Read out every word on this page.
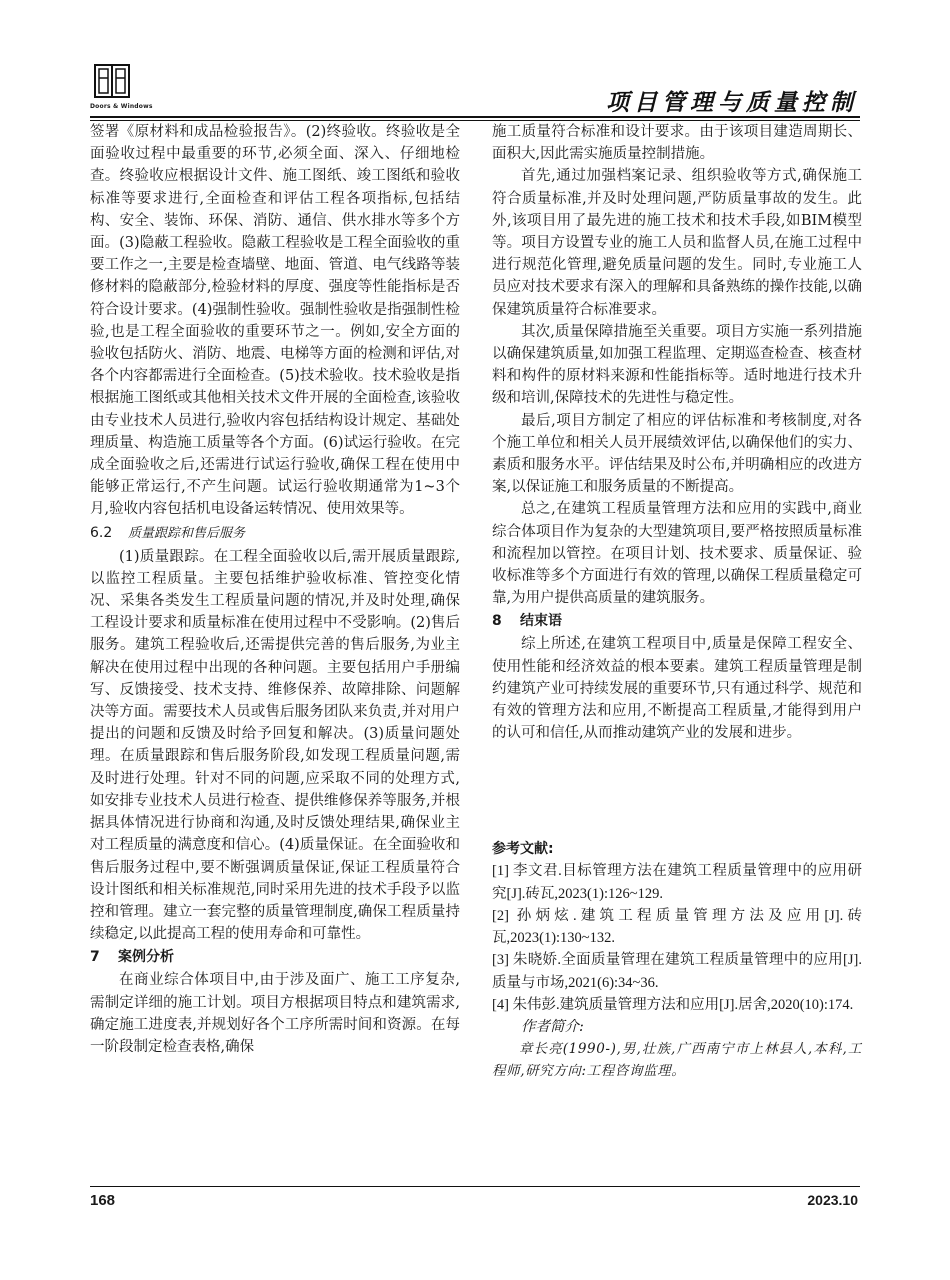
Doors & Windows	项目管理与质量控制

签署《原材料和成品检验报告》。(2)终验收。终验收是全面验收过程中最重要的环节,必须全面、深入、仔细地检查。终验收应根据设计文件、施工图纸、竣工图纸和验收标准等要求进行,全面检查和评估工程各项指标,包括结构、安全、装饰、环保、消防、通信、供水排水等多个方面。(3)隐蔽工程验收。隐蔽工程验收是工程全面验收的重要工作之一,主要是检查墙壁、地面、管道、电气线路等装修材料的隐蔽部分,检验材料的厚度、强度等性能指标是否符合设计要求。(4)强制性验收。强制性验收是指强制性检验,也是工程全面验收的重要环节之一。例如,安全方面的验收包括防火、消防、地震、电梯等方面的检测和评估,对各个内容都需进行全面检查。(5)技术验收。技术验收是指根据施工图纸或其他相关技术文件开展的全面检查,该验收由专业技术人员进行,验收内容包括结构设计规定、基础处理质量、构造施工质量等各个方面。(6)试运行验收。在完成全面验收之后,还需进行试运行验收,确保工程在使用中能够正常运行,不产生问题。试运行验收期通常为1~3个月,验收内容包括机电设备运转情况、使用效果等。

6.2 质量跟踪和售后服务

(1)质量跟踪。在工程全面验收以后,需开展质量跟踪,以监控工程质量。主要包括维护验收标准、管控变化情况、采集各类发生工程质量问题的情况,并及时处理,确保工程设计要求和质量标准在使用过程中不受影响。(2)售后服务。建筑工程验收后,还需提供完善的售后服务,为业主解决在使用过程中出现的各种问题。主要包括用户手册编写、反馈接受、技术支持、维修保养、故障排除、问题解决等方面。需要技术人员或售后服务团队来负责,并对用户提出的问题和反馈及时给予回复和解决。(3)质量问题处理。在质量跟踪和售后服务阶段,如发现工程质量问题,需及时进行处理。针对不同的问题,应采取不同的处理方式,如安排专业技术人员进行检查、提供维修保养等服务,并根据具体情况进行协商和沟通,及时反馈处理结果,确保业主对工程质量的满意度和信心。(4)质量保证。在全面验收和售后服务过程中,要不断强调质量保证,保证工程质量符合设计图纸和相关标准规范,同时采用先进的技术手段予以监控和管理。建立一套完整的质量管理制度,确保工程质量持续稳定,以此提高工程的使用寿命和可靠性。

7 案例分析

在商业综合体项目中,由于涉及面广、施工工序复杂,需制定详细的施工计划。项目方根据项目特点和建筑需求,确定施工进度表,并规划好各个工序所需时间和资源。在每一阶段制定检查表格,确保

施工质量符合标准和设计要求。由于该项目建造周期长、面积大,因此需实施质量控制措施。

首先,通过加强档案记录、组织验收等方式,确保施工符合质量标准,并及时处理问题,严防质量事故的发生。此外,该项目用了最先进的施工技术和技术手段,如BIM模型等。项目方设置专业的施工人员和监督人员,在施工过程中进行规范化管理,避免质量问题的发生。同时,专业施工人员应对技术要求有深入的理解和具备熟练的操作技能,以确保建筑质量符合标准要求。

其次,质量保障措施至关重要。项目方实施一系列措施以确保建筑质量,如加强工程监理、定期巡查检查、核查材料和构件的原材料来源和性能指标等。适时地进行技术升级和培训,保障技术的先进性与稳定性。

最后,项目方制定了相应的评估标准和考核制度,对各个施工单位和相关人员开展绩效评估,以确保他们的实力、素质和服务水平。评估结果及时公布,并明确相应的改进方案,以保证施工和服务质量的不断提高。

总之,在建筑工程质量管理方法和应用的实践中,商业综合体项目作为复杂的大型建筑项目,要严格按照质量标准和流程加以管控。在项目计划、技术要求、质量保证、验收标准等多个方面进行有效的管理,以确保工程质量稳定可靠,为用户提供高质量的建筑服务。

8 结束语

综上所述,在建筑工程项目中,质量是保障工程安全、使用性能和经济效益的根本要素。建筑工程质量管理是制约建筑产业可持续发展的重要环节,只有通过科学、规范和有效的管理方法和应用,不断提高工程质量,才能得到用户的认可和信任,从而推动建筑产业的发展和进步。

参考文献:

[1] 李文君.目标管理方法在建筑工程质量管理中的应用研究[J].砖瓦,2023(1):126~129.

[2] 孙炳炫.建筑工程质量管理方法及应用[J].砖瓦,2023(1):130~132.

[3] 朱晓娇.全面质量管理在建筑工程质量管理中的应用[J].质量与市场,2021(6):34~36.

[4] 朱伟彭.建筑质量管理方法和应用[J].居舍,2020(10):174.

作者简介:

章长亮(1990-),男,壮族,广西南宁市上林县人,本科,工程师,研究方向:工程咨询监理。

168	2023.10
